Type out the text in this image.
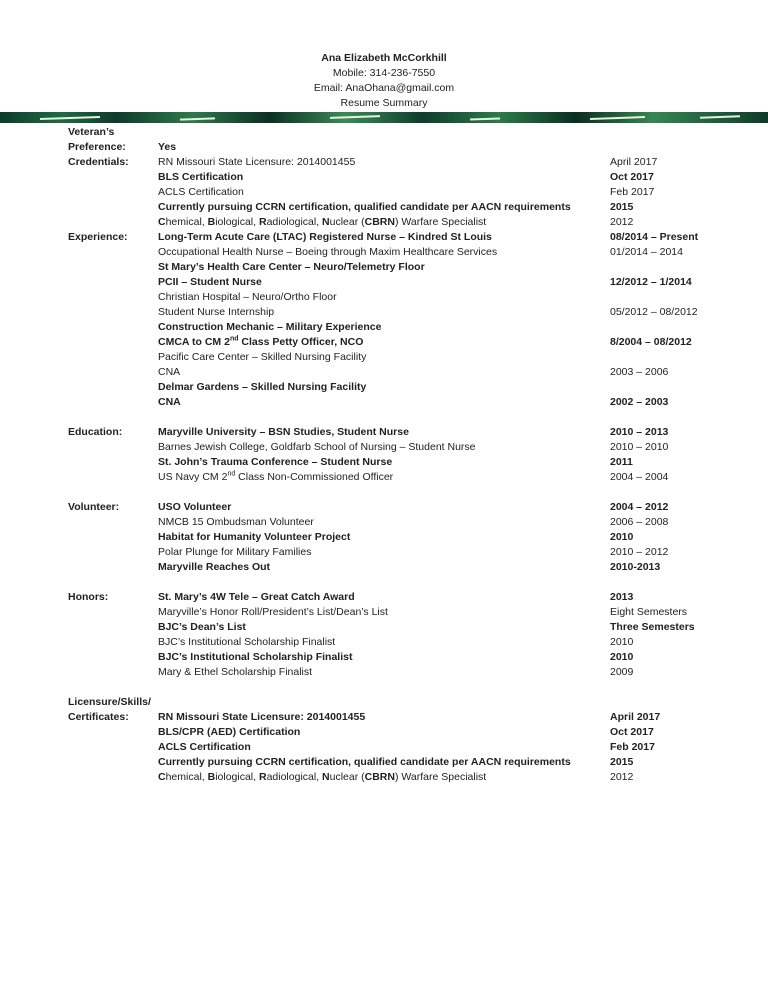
Ana Elizabeth McCorkhill
Mobile: 314-236-7550
Email: AnaOhana@gmail.com
Resume Summary
Veteran’s
Preference:	Yes
Credentials:	RN Missouri State Licensure: 2014001455	April 2017
BLS Certification	Oct 2017
ACLS Certification	Feb 2017
Currently pursuing CCRN certification, qualified candidate per AACN requirements	2015
Chemical, Biological, Radiological, Nuclear (CBRN) Warfare Specialist	2012
Experience:	Long-Term Acute Care (LTAC) Registered Nurse – Kindred St Louis	08/2014 – Present
Occupational Health Nurse – Boeing through Maxim Healthcare Services	01/2014 – 2014
St Mary’s Health Care Center – Neuro/Telemetry Floor
PCII – Student Nurse	12/2012 – 1/2014
Christian Hospital – Neuro/Ortho Floor
Student Nurse Internship	05/2012 – 08/2012
Construction Mechanic – Military Experience
CMCA to CM 2nd Class Petty Officer, NCO	8/2004 – 08/2012
Pacific Care Center – Skilled Nursing Facility
CNA	2003 – 2006
Delmar Gardens – Skilled Nursing Facility
CNA	2002 – 2003
Education:	Maryville University – BSN Studies, Student Nurse	2010 – 2013
Barnes Jewish College, Goldfarb School of Nursing – Student Nurse	2010 – 2010
St. John’s Trauma Conference – Student Nurse	2011
US Navy CM 2nd Class Non-Commissioned Officer	2004 – 2004
Volunteer:	USO Volunteer	2004 – 2012
NMCB 15 Ombudsman Volunteer	2006 – 2008
Habitat for Humanity Volunteer Project	2010
Polar Plunge for Military Families	2010 – 2012
Maryville Reaches Out	2010-2013
Honors:	St. Mary’s 4W Tele – Great Catch Award	2013
Maryville’s Honor Roll/President’s List/Dean’s List	Eight Semesters
BJC’s Dean’s List	Three Semesters
BJC’s Institutional Scholarship Finalist	2010
BJC’s Institutional Scholarship Finalist	2010
Mary & Ethel Scholarship Finalist	2009
Licensure/Skills/
Certificates:	RN Missouri State Licensure: 2014001455	April 2017
BLS/CPR (AED) Certification	Oct 2017
ACLS Certification	Feb 2017
Currently pursuing CCRN certification, qualified candidate per AACN requirements	2015
Chemical, Biological, Radiological, Nuclear (CBRN) Warfare Specialist	2012
